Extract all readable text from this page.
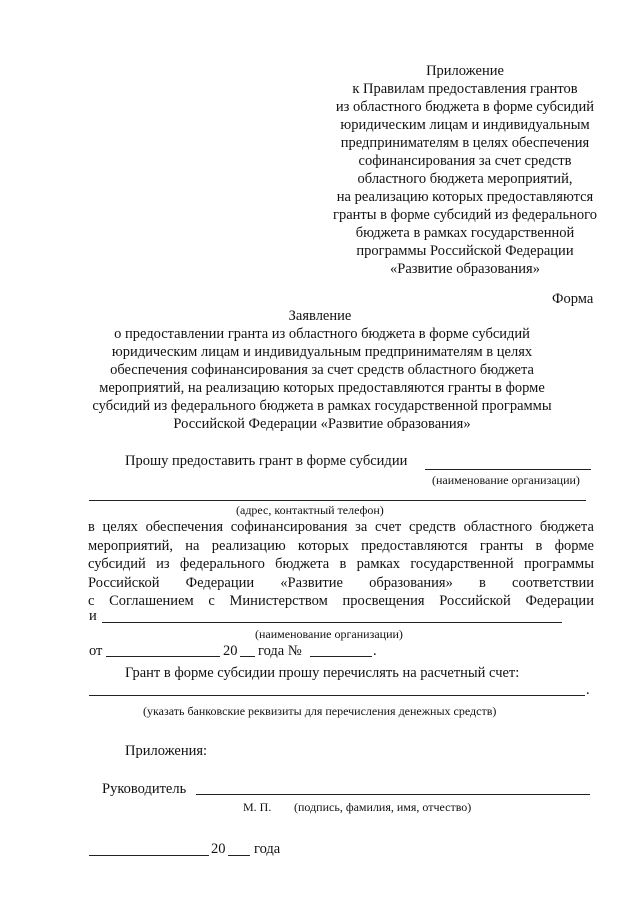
Приложение
к Правилам предоставления грантов
из областного бюджета в форме субсидий
юридическим лицам и индивидуальным
предпринимателям в целях обеспечения
софинансирования за счет средств
областного бюджета мероприятий,
на реализацию которых предоставляются
гранты в форме субсидий из федерального
бюджета в рамках государственной
программы Российской Федерации
«Развитие образования»
Форма
Заявление
о предоставлении гранта из областного бюджета в форме субсидий
юридическим лицам и индивидуальным предпринимателям в целях
обеспечения софинансирования за счет средств областного бюджета
мероприятий, на реализацию которых предоставляются гранты в форме
субсидий из федерального бюджета в рамках государственной программы
Российской Федерации «Развитие образования»
Прошу предоставить грант в форме субсидии
(наименование организации)
(адрес, контактный телефон)
в целях обеспечения софинансирования за счет средств областного бюджета
мероприятий, на реализацию которых предоставляются гранты в форме
субсидий из федерального бюджета в рамках государственной программы
Российской Федерации «Развитие образования» в соответствии
с Соглашением с Министерством просвещения Российской Федерации
и
(наименование организации)
от	20 года №	.
Грант в форме субсидии прошу перечислять на расчетный счет:
.
(указать банковские реквизиты для перечисления денежных средств)
Приложения:
Руководитель
М. П. (подпись, фамилия, имя, отчество)
20 года
